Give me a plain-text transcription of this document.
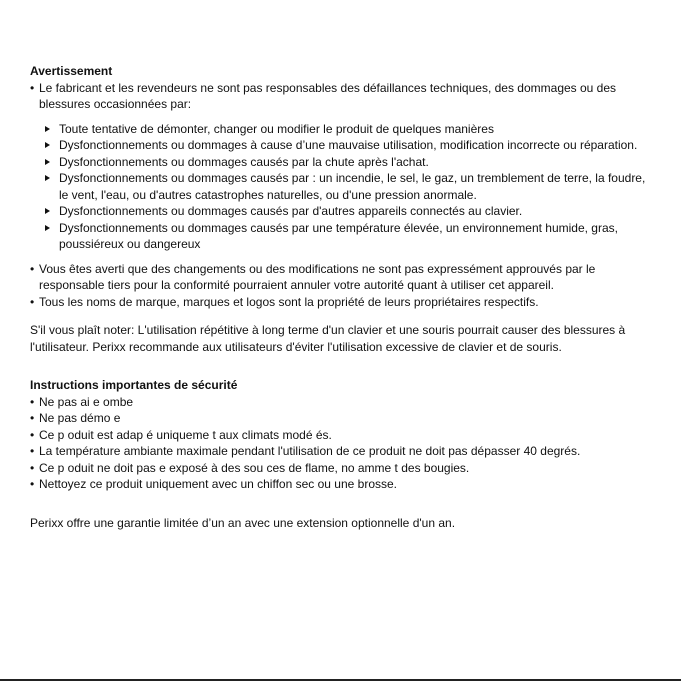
Avertissement
• Le fabricant et les revendeurs ne sont pas responsables des défaillances techniques, des dommages ou des blessures occasionnées par:
Toute tentative de démonter, changer ou modifier le produit de quelques manières
Dysfonctionnements ou dommages à cause d’une mauvaise utilisation, modification incorrecte ou réparation.
Dysfonctionnements ou dommages causés par la chute après l'achat.
Dysfonctionnements ou dommages causés par : un incendie, le sel, le gaz, un tremblement de terre, la foudre, le vent, l'eau, ou d'autres catastrophes naturelles, ou d'une pression anormale.
Dysfonctionnements ou dommages causés par d'autres appareils connectés au clavier.
Dysfonctionnements ou dommages causés par une température élevée, un environnement humide, gras, poussiéreux ou dangereux
• Vous êtes averti que des changements ou des modifications ne sont pas expressément approuvés par le responsable tiers pour la conformité pourraient annuler votre autorité quant à utiliser cet appareil.
• Tous les noms de marque, marques et logos sont la propriété de leurs propriétaires respectifs.

S'il vous plaît noter: L'utilisation répétitive à long terme d'un clavier et une souris pourrait causer des blessures à l'utilisateur. Perixx recommande aux utilisateurs d'éviter l'utilisation excessive de clavier et de souris.

Instructions importantes de sécurité
• Ne pas ai e ombe
• Ne pas démo e
• Ce p oduit est adap é uniqueme t aux climats modé és.
• La température ambiante maximale pendant l'utilisation de ce produit ne doit pas dépasser 40 degrés.
• Ce p oduit ne doit pas e exposé à des sou ces de flame, no amme t des bougies.
• Nettoyez ce produit uniquement avec un chiffon sec ou une brosse.

Perixx offre une garantie limitée d’un an avec une extension optionnelle d'un an.
